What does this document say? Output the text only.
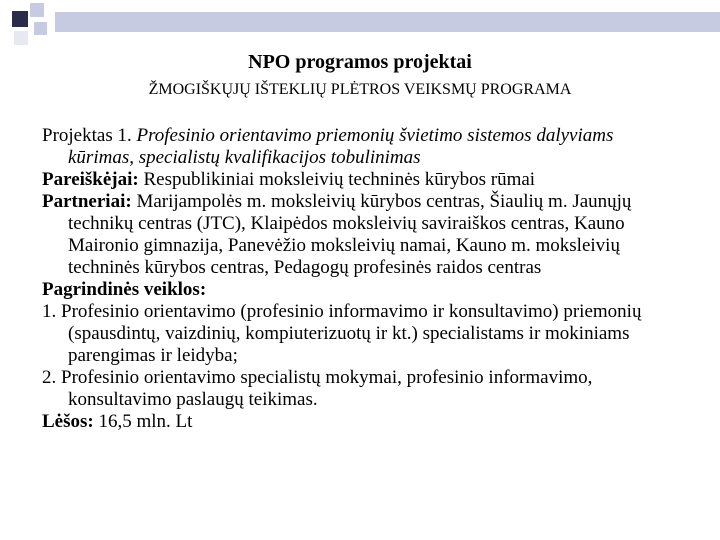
NPO programos projektai
ŽMOGIŠKŲJŲ IŠTEKLIŲ PLĖTROS VEIKSMŲ PROGRAMA
Projektas 1. Profesinio orientavimo priemonių švietimo sistemos dalyviams kūrimas, specialistų kvalifikacijos tobulinimas
Pareiškėjai: Respublikiniai moksleivių techninės kūrybos rūmai
Partneriai: Marijampolės m. moksleivių kūrybos centras, Šiaulių m. Jaunųjų technikų centras (JTC), Klaipėdos moksleivių saviraiškos centras, Kauno Maironio gimnazija, Panevėžio moksleivių namai, Kauno m. moksleivių techninės kūrybos centras, Pedagogų profesinės raidos centras
Pagrindinės veiklos:
1. Profesinio orientavimo (profesinio informavimo ir konsultavimo) priemonių (spausdintų, vaizdinių, kompiuterizuotų ir kt.) specialistams ir mokiniams parengimas ir leidyba;
2. Profesinio orientavimo specialistų mokymai, profesinio informavimo, konsultavimo paslaugų teikimas.
Lėšos: 16,5 mln. Lt
